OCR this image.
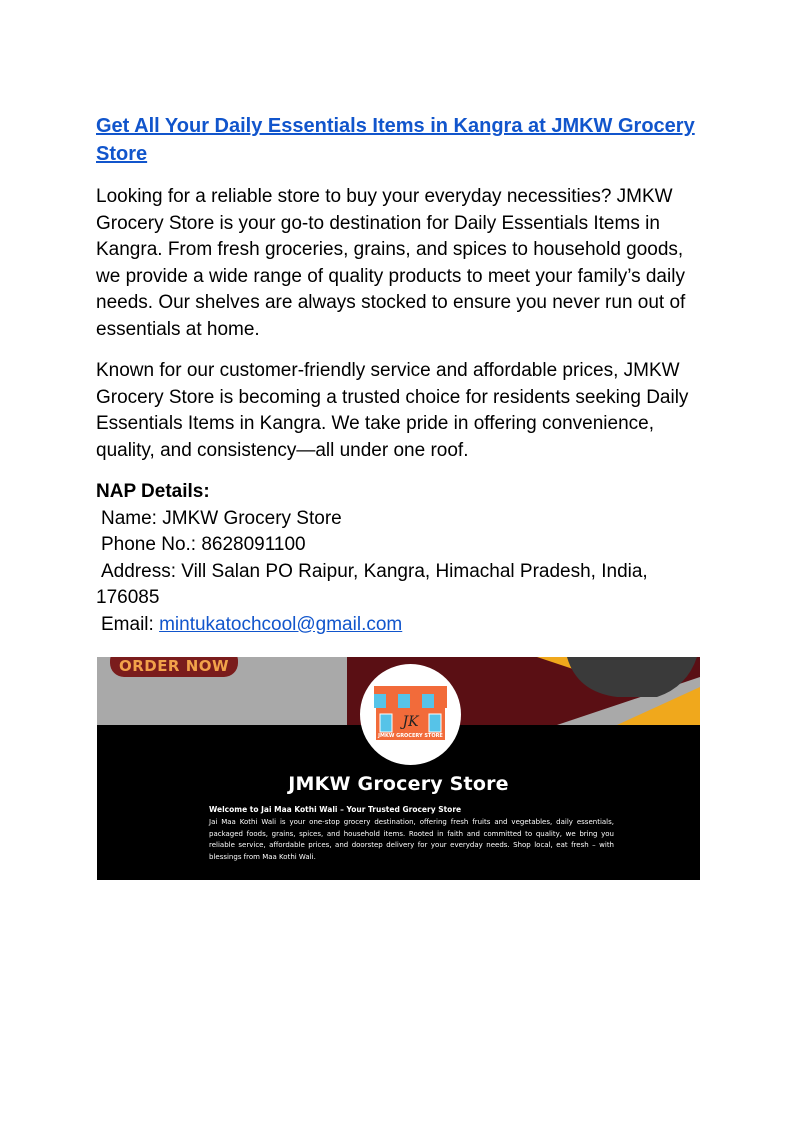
Get All Your Daily Essentials Items in Kangra at JMKW Grocery Store

Looking for a reliable store to buy your everyday necessities? JMKW Grocery Store is your go-to destination for Daily Essentials Items in Kangra. From fresh groceries, grains, and spices to household goods, we provide a wide range of quality products to meet your family’s daily needs. Our shelves are always stocked to ensure you never run out of essentials at home.

Known for our customer-friendly service and affordable prices, JMKW Grocery Store is becoming a trusted choice for residents seeking Daily Essentials Items in Kangra. We take pride in offering convenience, quality, and consistency—all under one roof.

NAP Details:
Name: JMKW Grocery Store
Phone No.: 8628091100
Address: Vill Salan PO Raipur, Kangra, Himachal Pradesh, India, 176085
Email: mintukatochcool@gmail.com
ORDER NOW
JK
JMKW GROCERY STORE
JMKW Grocery Store
Welcome to Jai Maa Kothi Wali – Your Trusted Grocery Store
Jai Maa Kothi Wali is your one-stop grocery destination, offering fresh fruits and vegetables, daily essentials, packaged foods, grains, spices, and household items. Rooted in faith and committed to quality, we bring you reliable service, affordable prices, and doorstep delivery for your everyday needs. Shop local, eat fresh – with blessings from Maa Kothi Wali.
